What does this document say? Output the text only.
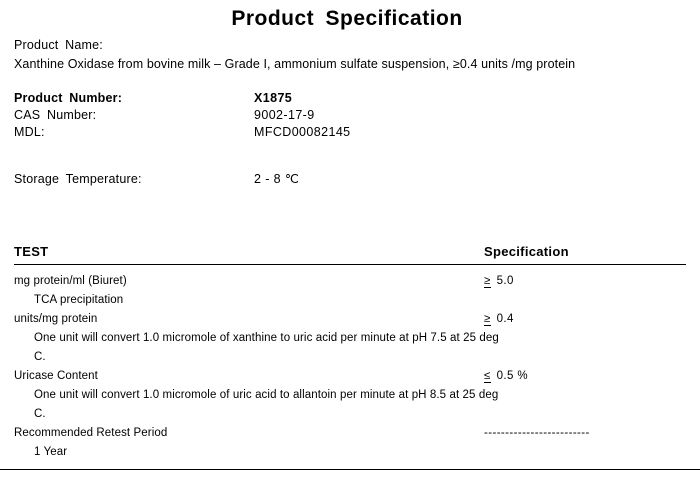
Product Specification
Product Name:
Xanthine Oxidase from bovine milk – Grade I, ammonium sulfate suspension, ≥0.4 units /mg protein
Product Number:	X1875
CAS Number:	9002-17-9
MDL:	MFCD00082145
Storage Temperature:	2 - 8 ℃
TEST	Specification
mg protein/ml (Biuret)	≥ 5.0
TCA precipitation
units/mg protein	≥ 0.4
One unit will convert 1.0 micromole of xanthine to uric acid per minute at pH 7.5 at 25 deg C.
Uricase Content	≤ 0.5 %
One unit will convert 1.0 micromole of uric acid to allantoin per minute at pH 8.5 at 25 deg C.
Recommended Retest Period	-------------------------
1 Year
